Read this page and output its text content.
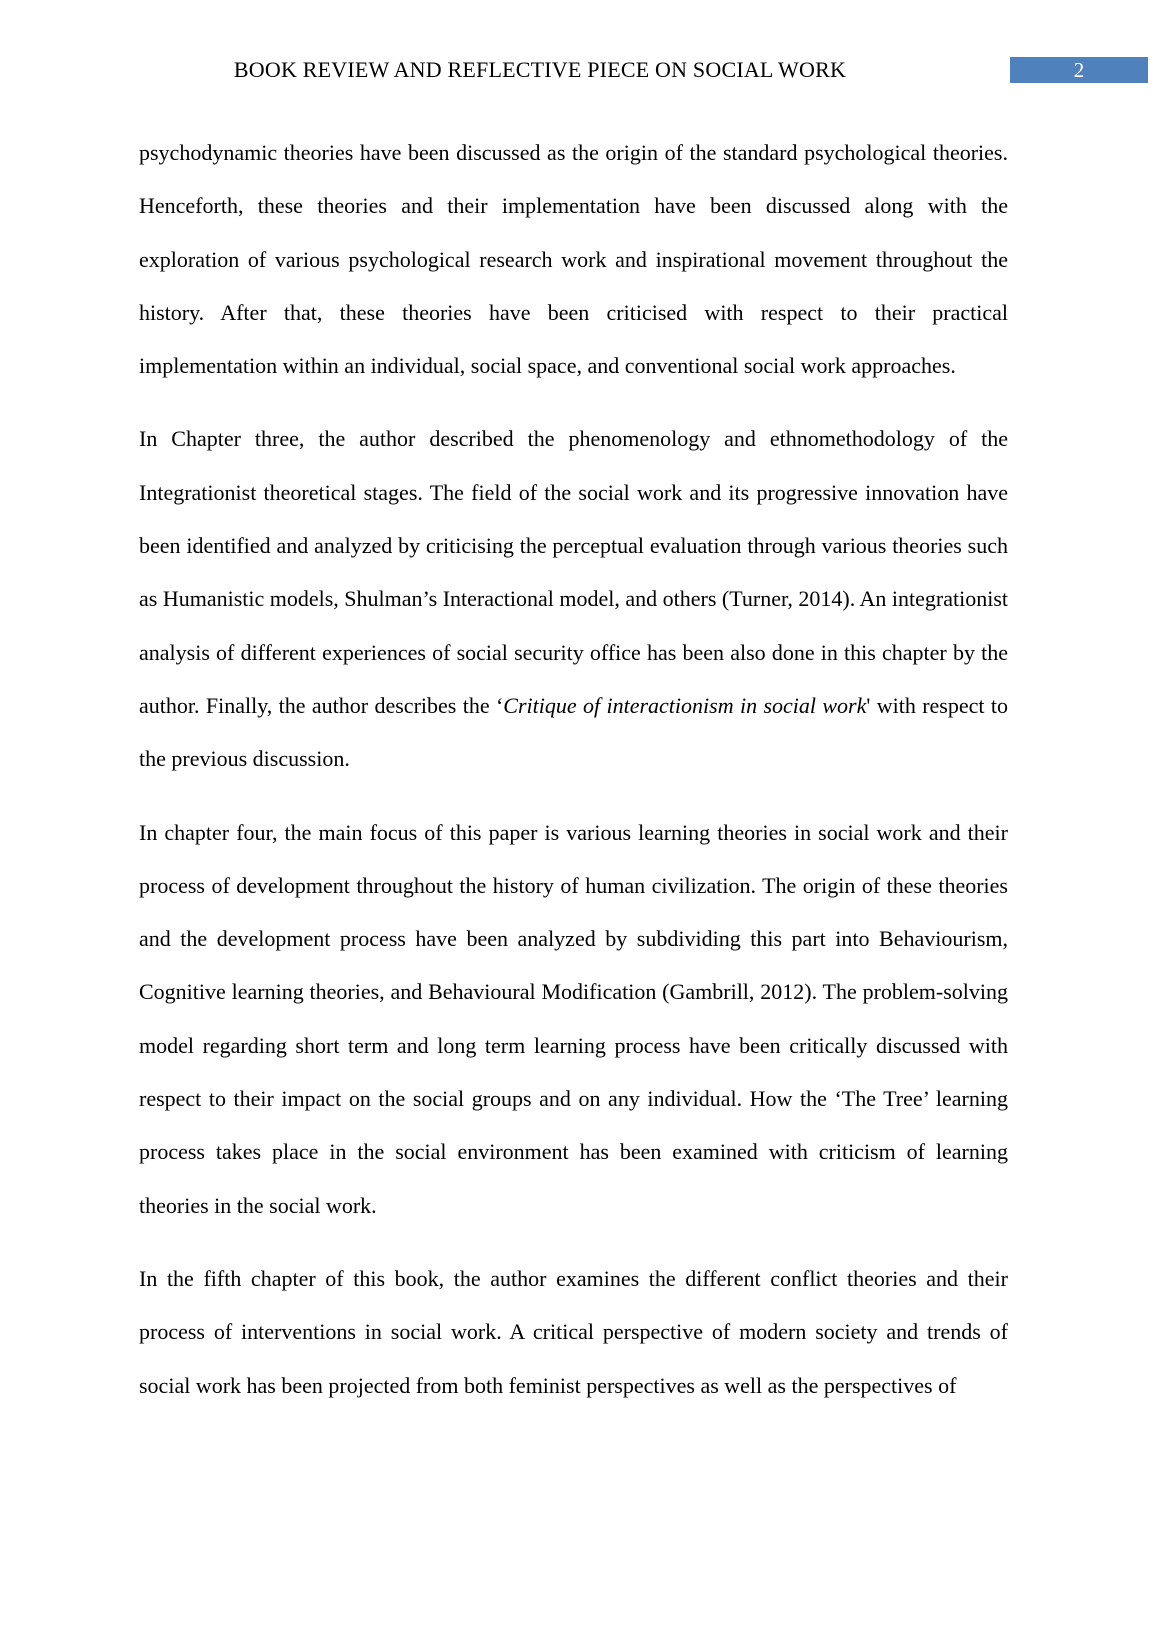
BOOK REVIEW AND REFLECTIVE PIECE ON SOCIAL WORK	2

psychodynamic theories have been discussed as the origin of the standard psychological theories. Henceforth, these theories and their implementation have been discussed along with the exploration of various psychological research work and inspirational movement throughout the history. After that, these theories have been criticised with respect to their practical implementation within an individual, social space, and conventional social work approaches.

In Chapter three, the author described the phenomenology and ethnomethodology of the Integrationist theoretical stages. The field of the social work and its progressive innovation have been identified and analyzed by criticising the perceptual evaluation through various theories such as Humanistic models, Shulman’s Interactional model, and others (Turner, 2014). An integrationist analysis of different experiences of social security office has been also done in this chapter by the author. Finally, the author describes the ‘Critique of interactionism in social work' with respect to the previous discussion.

In chapter four, the main focus of this paper is various learning theories in social work and their process of development throughout the history of human civilization. The origin of these theories and the development process have been analyzed by subdividing this part into Behaviourism, Cognitive learning theories, and Behavioural Modification (Gambrill, 2012). The problem-solving model regarding short term and long term learning process have been critically discussed with respect to their impact on the social groups and on any individual. How the ‘The Tree’ learning process takes place in the social environment has been examined with criticism of learning theories in the social work.

In the fifth chapter of this book, the author examines the different conflict theories and their process of interventions in social work. A critical perspective of modern society and trends of social work has been projected from both feminist perspectives as well as the perspectives of
